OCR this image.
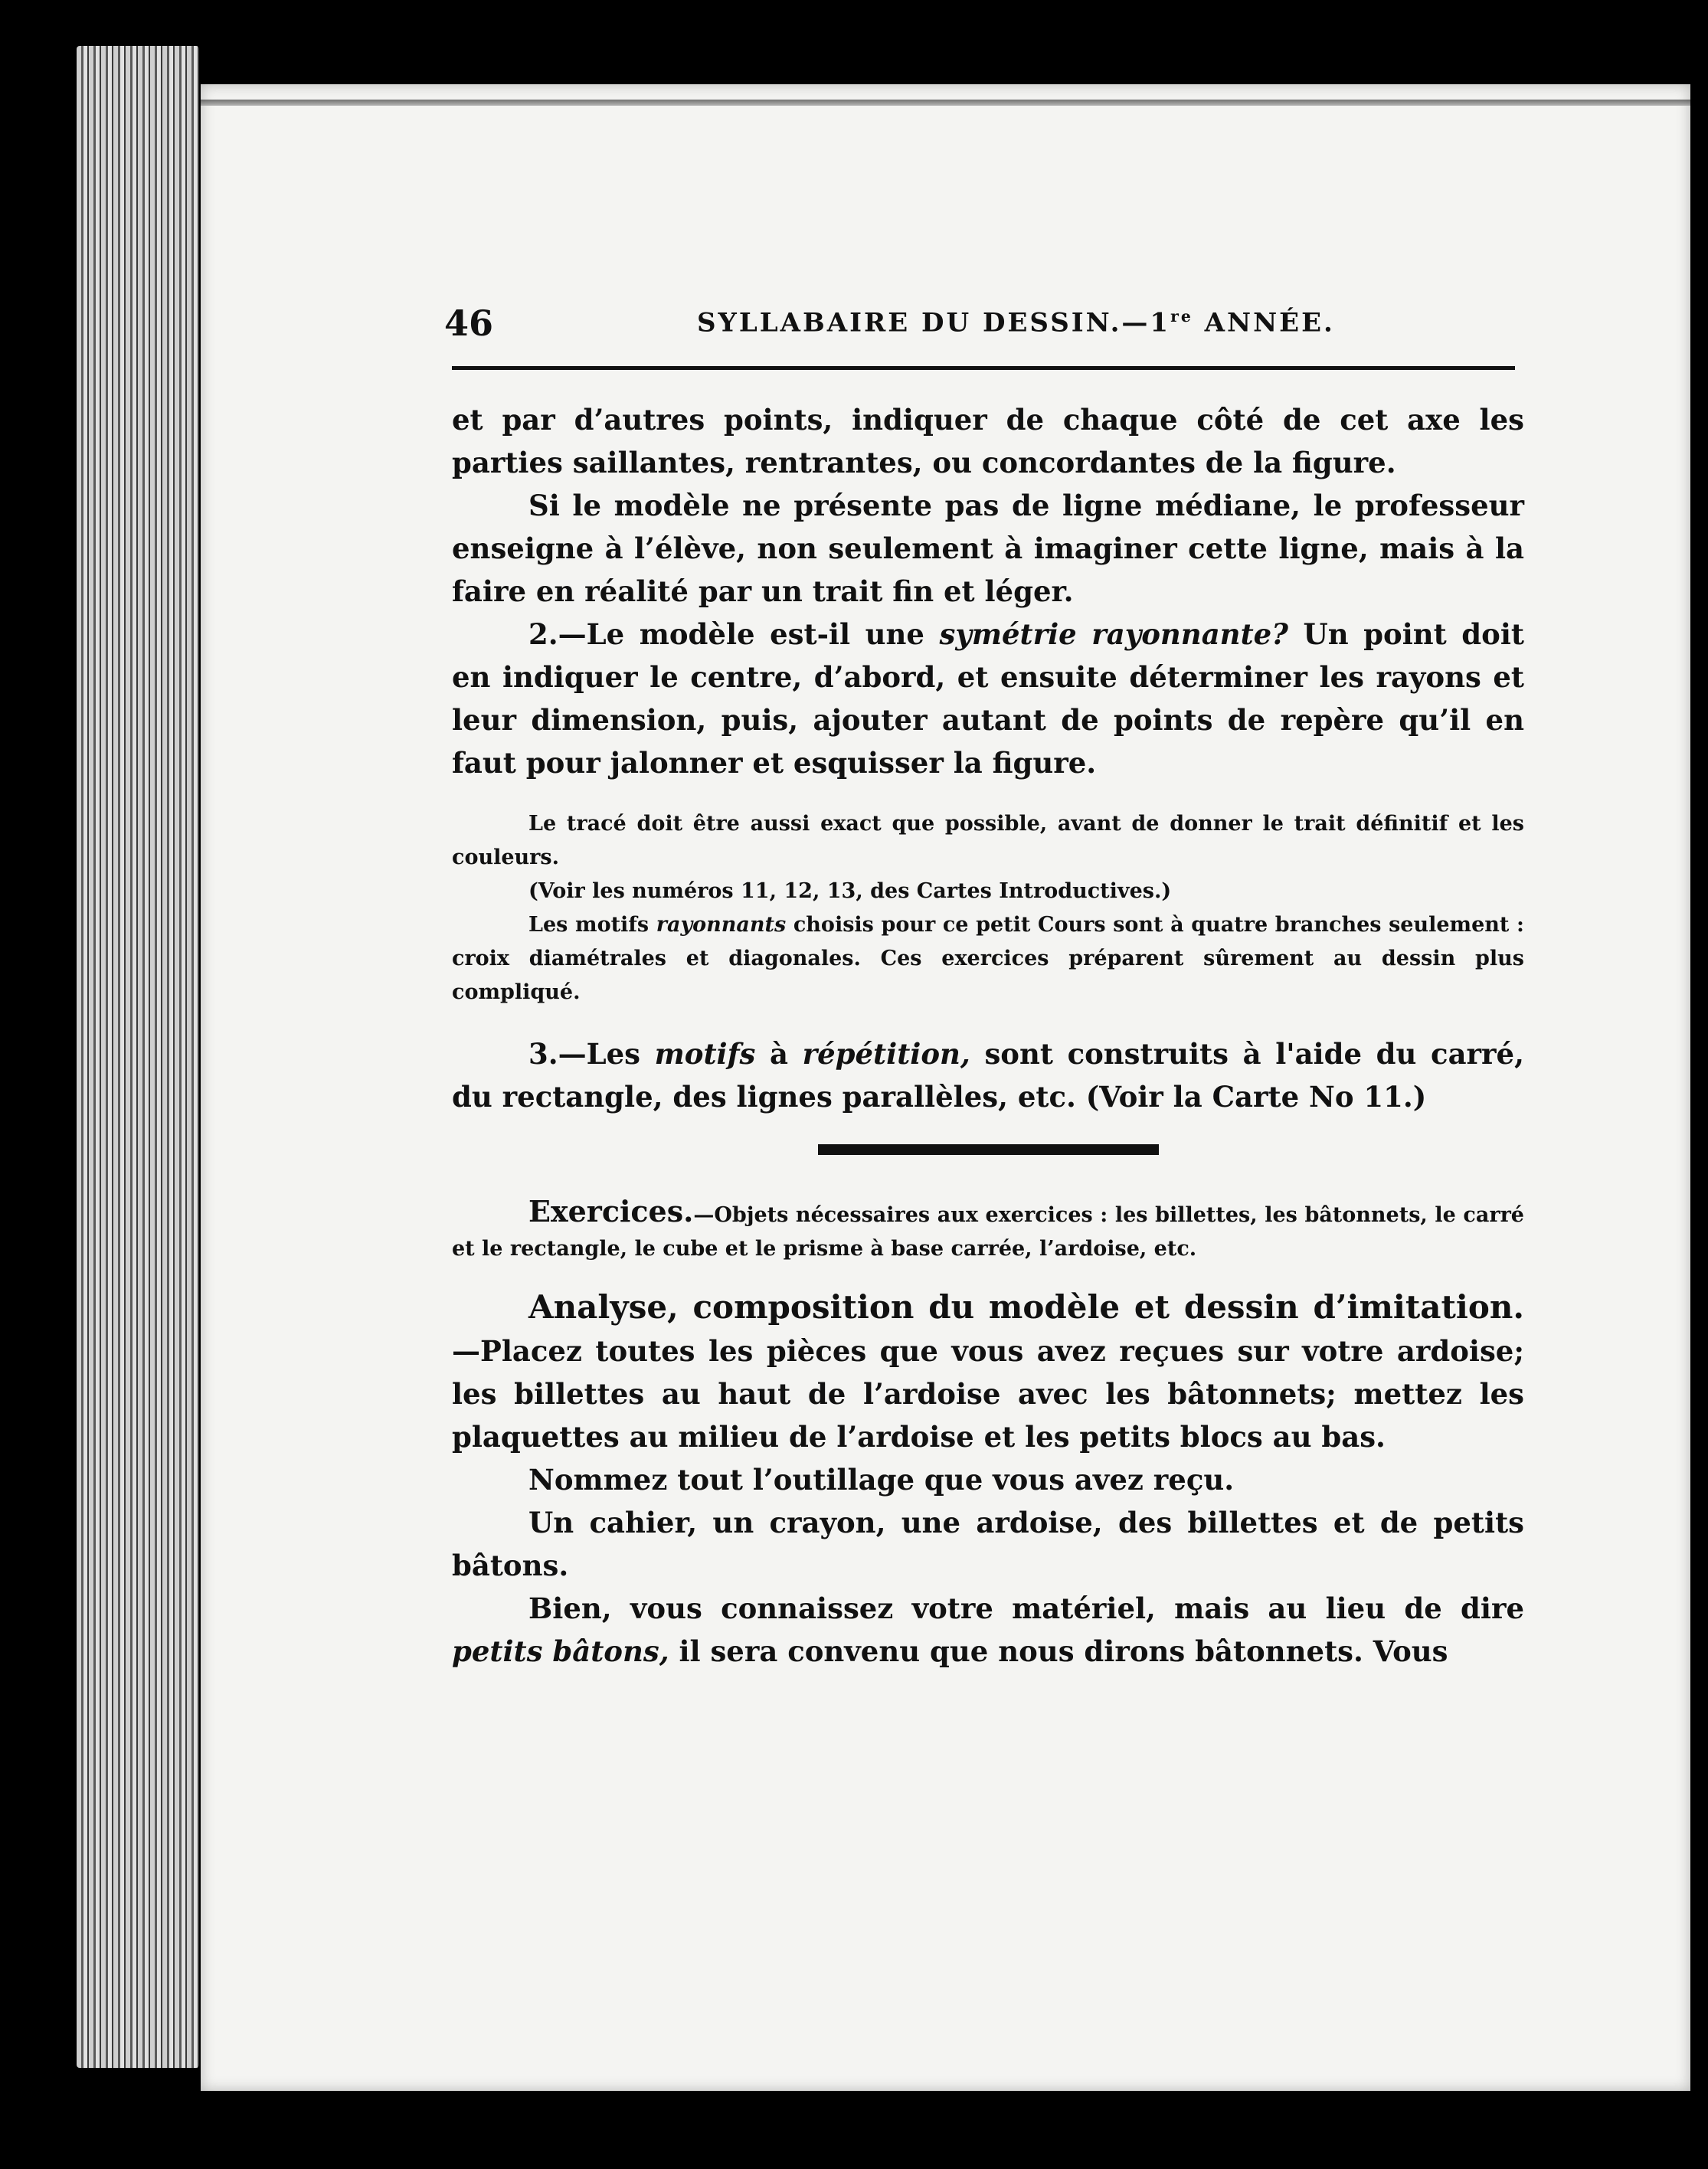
46	SYLLABAIRE DU DESSIN.—1re ANNÉE.

et par d’autres points, indiquer de chaque côté de cet axe les parties saillantes, rentrantes, ou concordantes de la figure.

Si le modèle ne présente pas de ligne médiane, le professeur enseigne à l’élève, non seulement à imaginer cette ligne, mais à la faire en réalité par un trait fin et léger.

2.—Le modèle est-il une symétrie rayonnante? Un point doit en indiquer le centre, d’abord, et ensuite déterminer les rayons et leur dimension, puis, ajouter autant de points de repère qu’il en faut pour jalonner et esquisser la figure.

Le tracé doit être aussi exact que possible, avant de donner le trait définitif et les couleurs.

(Voir les numéros 11, 12, 13, des Cartes Introductives.)

Les motifs rayonnants choisis pour ce petit Cours sont à quatre branches seulement : croix diamétrales et diagonales. Ces exercices préparent sûrement au dessin plus compliqué.

3.—Les motifs à répétition, sont construits à l'aide du carré, du rectangle, des lignes parallèles, etc. (Voir la Carte No 11.)

Exercices.—Objets nécessaires aux exercices : les billettes, les bâtonnets, le carré et le rectangle, le cube et le prisme à base carrée, l’ardoise, etc.

Analyse, composition du modèle et dessin d’imitation.—Placez toutes les pièces que vous avez reçues sur votre ardoise; les billettes au haut de l’ardoise avec les bâtonnets; mettez les plaquettes au milieu de l’ardoise et les petits blocs au bas.

Nommez tout l’outillage que vous avez reçu.

Un cahier, un crayon, une ardoise, des billettes et de petits bâtons.

Bien, vous connaissez votre matériel, mais au lieu de dire petits bâtons, il sera convenu que nous dirons bâtonnets. Vous
